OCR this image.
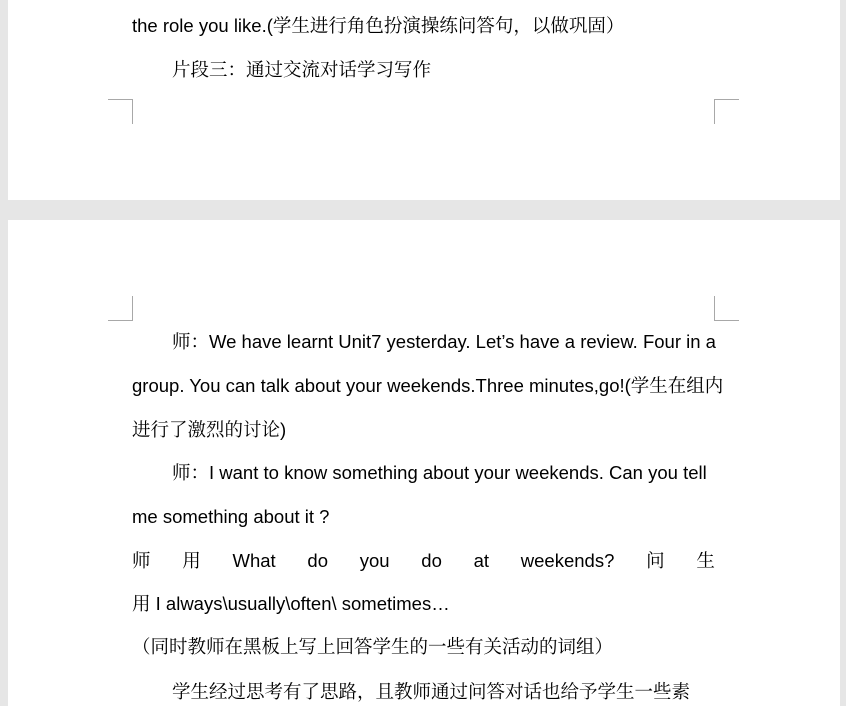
the role you like.(学生进行角色扮演操练问答句，以做巩固）
片段三：通过交流对话学习写作
师：We have learnt Unit7 yesterday. Let’s have a review. Four in a
group. You can talk about your weekends.Three minutes,go!(学生在组内
进行了激烈的讨论)
师：I want to know something about your weekends. Can you tell
me something about it ?
师 用 What do you do at weekends? 问 生
用 I always\usually\often\ sometimes…
（同时教师在黑板上写上回答学生的一些有关活动的词组）
学生经过思考有了思路，且教师通过问答对话也给予学生一些素
